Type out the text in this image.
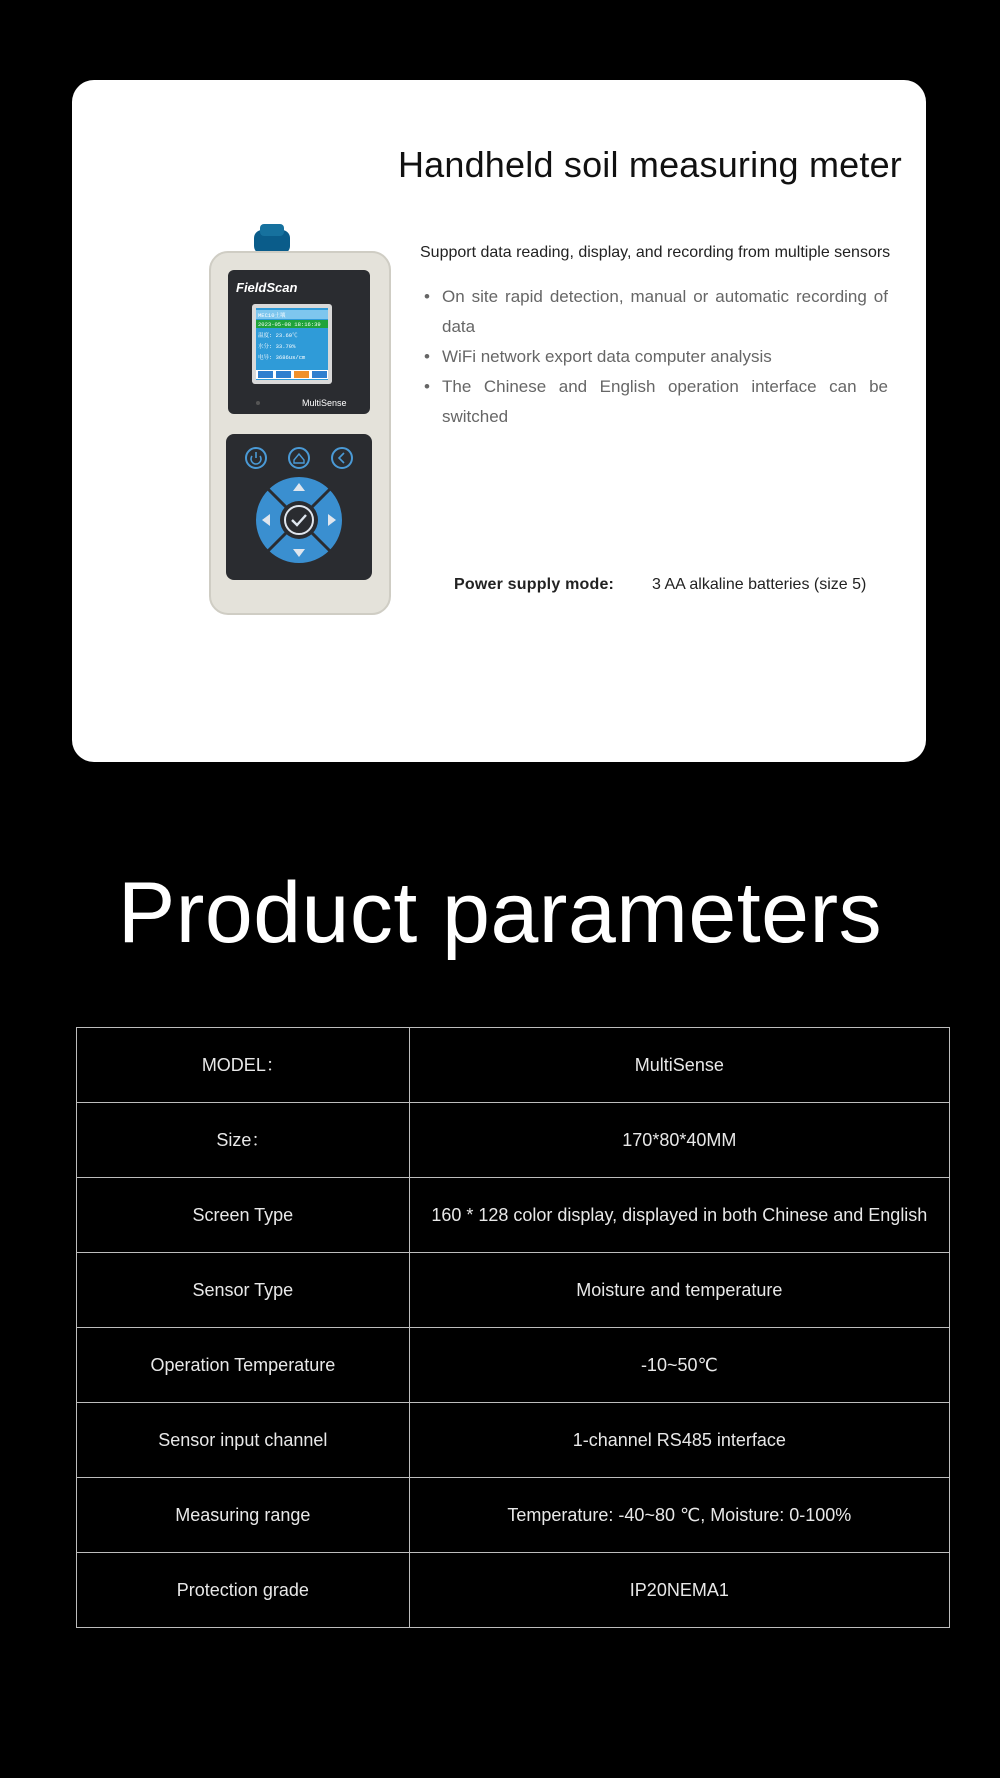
Handheld soil measuring meter
FieldScan
MEC10土壤
2023-05-08 18:16:39
温度: 23.60℃
水分: 33.70%
电导: 3686us/cm
MultiSense
Support data reading, display, and recording from multiple sensors
• On site rapid detection, manual or automatic recording of data
• WiFi network export data computer analysis
• The Chinese and English operation interface can be switched
Power supply mode: 3 AA alkaline batteries (size 5)
Product parameters
MODEL：	MultiSense
Size：	170*80*40MM
Screen Type	160 * 128 color display, displayed in both Chinese and English
Sensor Type	Moisture and temperature
Operation Temperature	-10~50℃
Sensor input channel	1-channel RS485 interface
Measuring range	Temperature: -40~80 ℃, Moisture: 0-100%
Protection grade	IP20NEMA1
